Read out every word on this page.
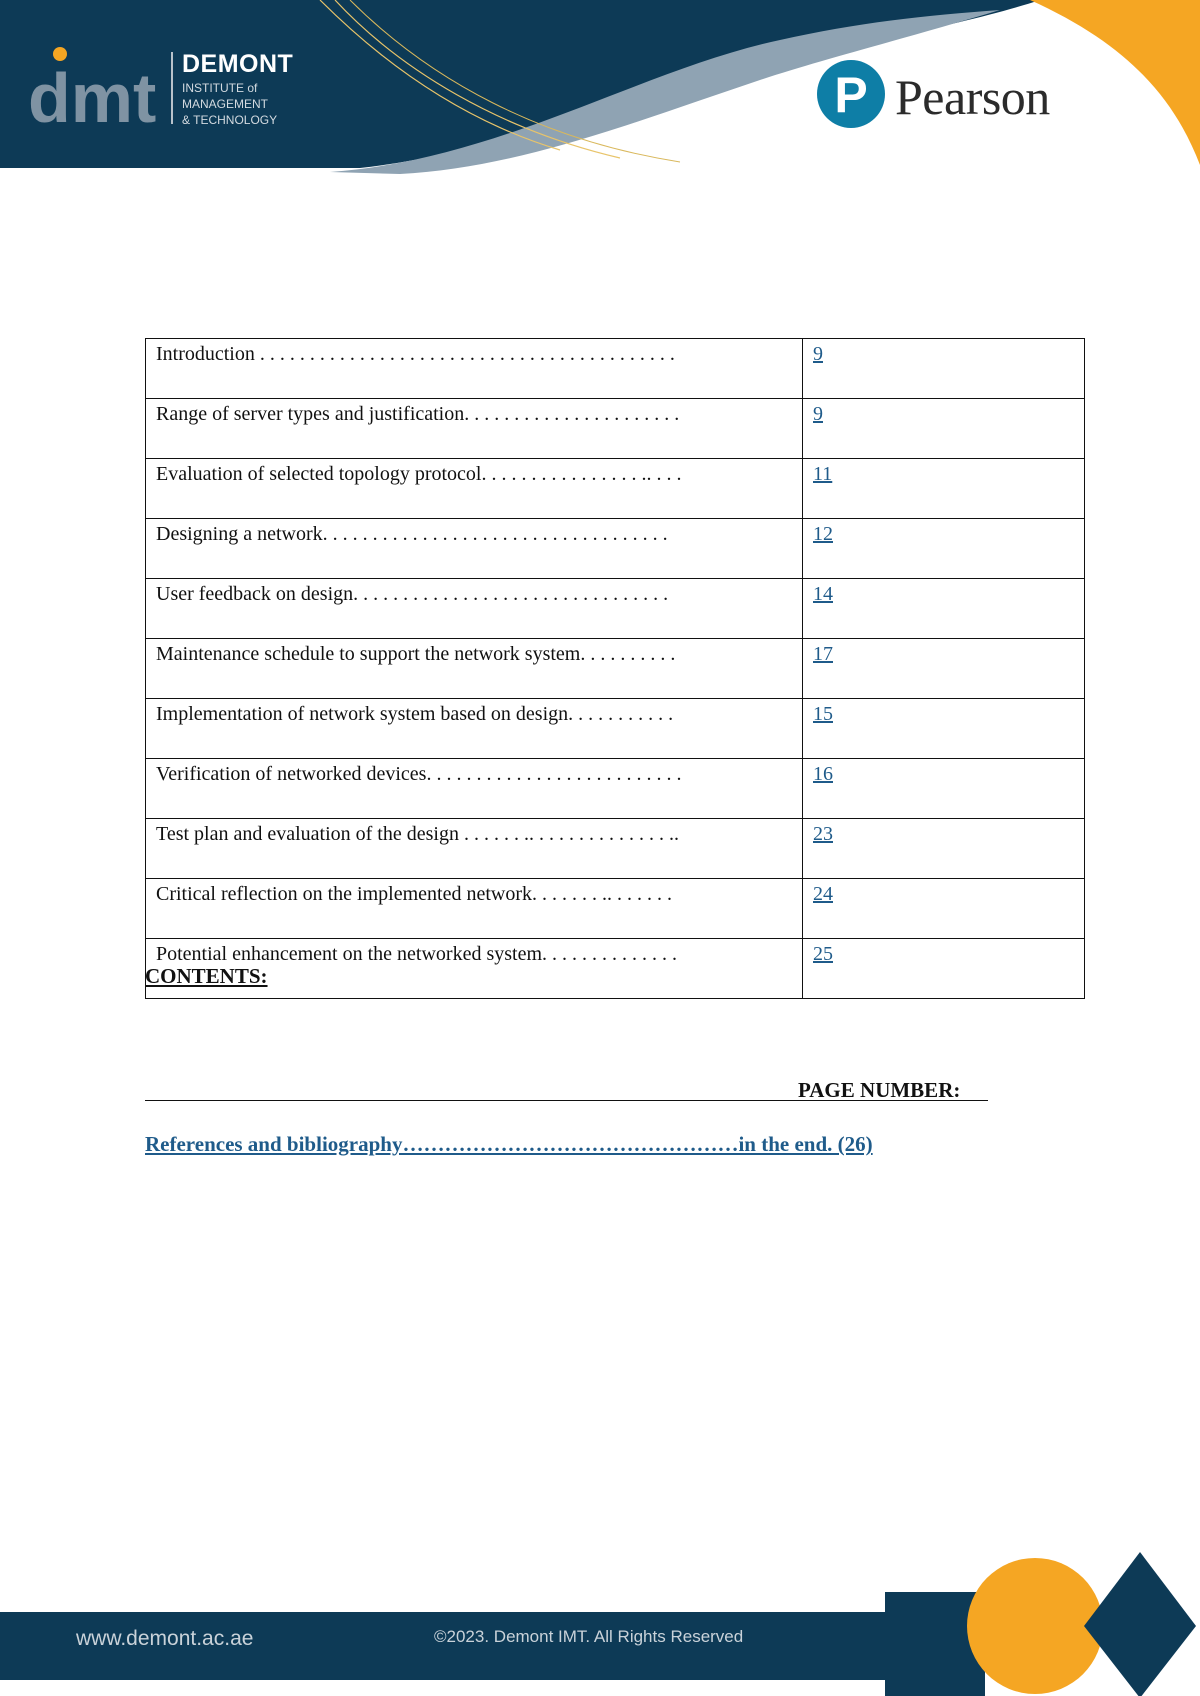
dmt DEMONT
INSTITUTE of
MANAGEMENT
& TECHNOLOGY	P Pearson
Introduction . . . . . . . . . . . . . . . . . . . . . . . . . . . . . . . . . . . . . . . . . .	9
Range of server types and justification. . . . . . . . . . . . . . . . . . . . . .	9
Evaluation of selected topology protocol. . . . . . . . . . . . . . . . .. . . .	11
Designing a network. . . . . . . . . . . . . . . . . . . . . . . . . . . . . . . . . . .	12
User feedback on design. . . . . . . . . . . . . . . . . . . . . . . . . . . . . . . .	14
Maintenance schedule to support the network system. . . . . . . . . .	17
Implementation of network system based on design. . . . . . . . . . .	15
Verification of networked devices. . . . . . . . . . . . . . . . . . . . . . . . . .	16
Test plan and evaluation of the design . . . . . . .. . . . . . . . . . . . . . ..	23
Critical reflection on the implemented network. . . . . . . .. . . . . . .	24
Potential enhancement on the networked system. . . . . . . . . . . . . .	25
CONTENTS:
PAGE NUMBER:
References and bibliography…………………………………………in the end. (26)
www.demont.ac.ae	©2023. Demont IMT. All Rights Reserved
